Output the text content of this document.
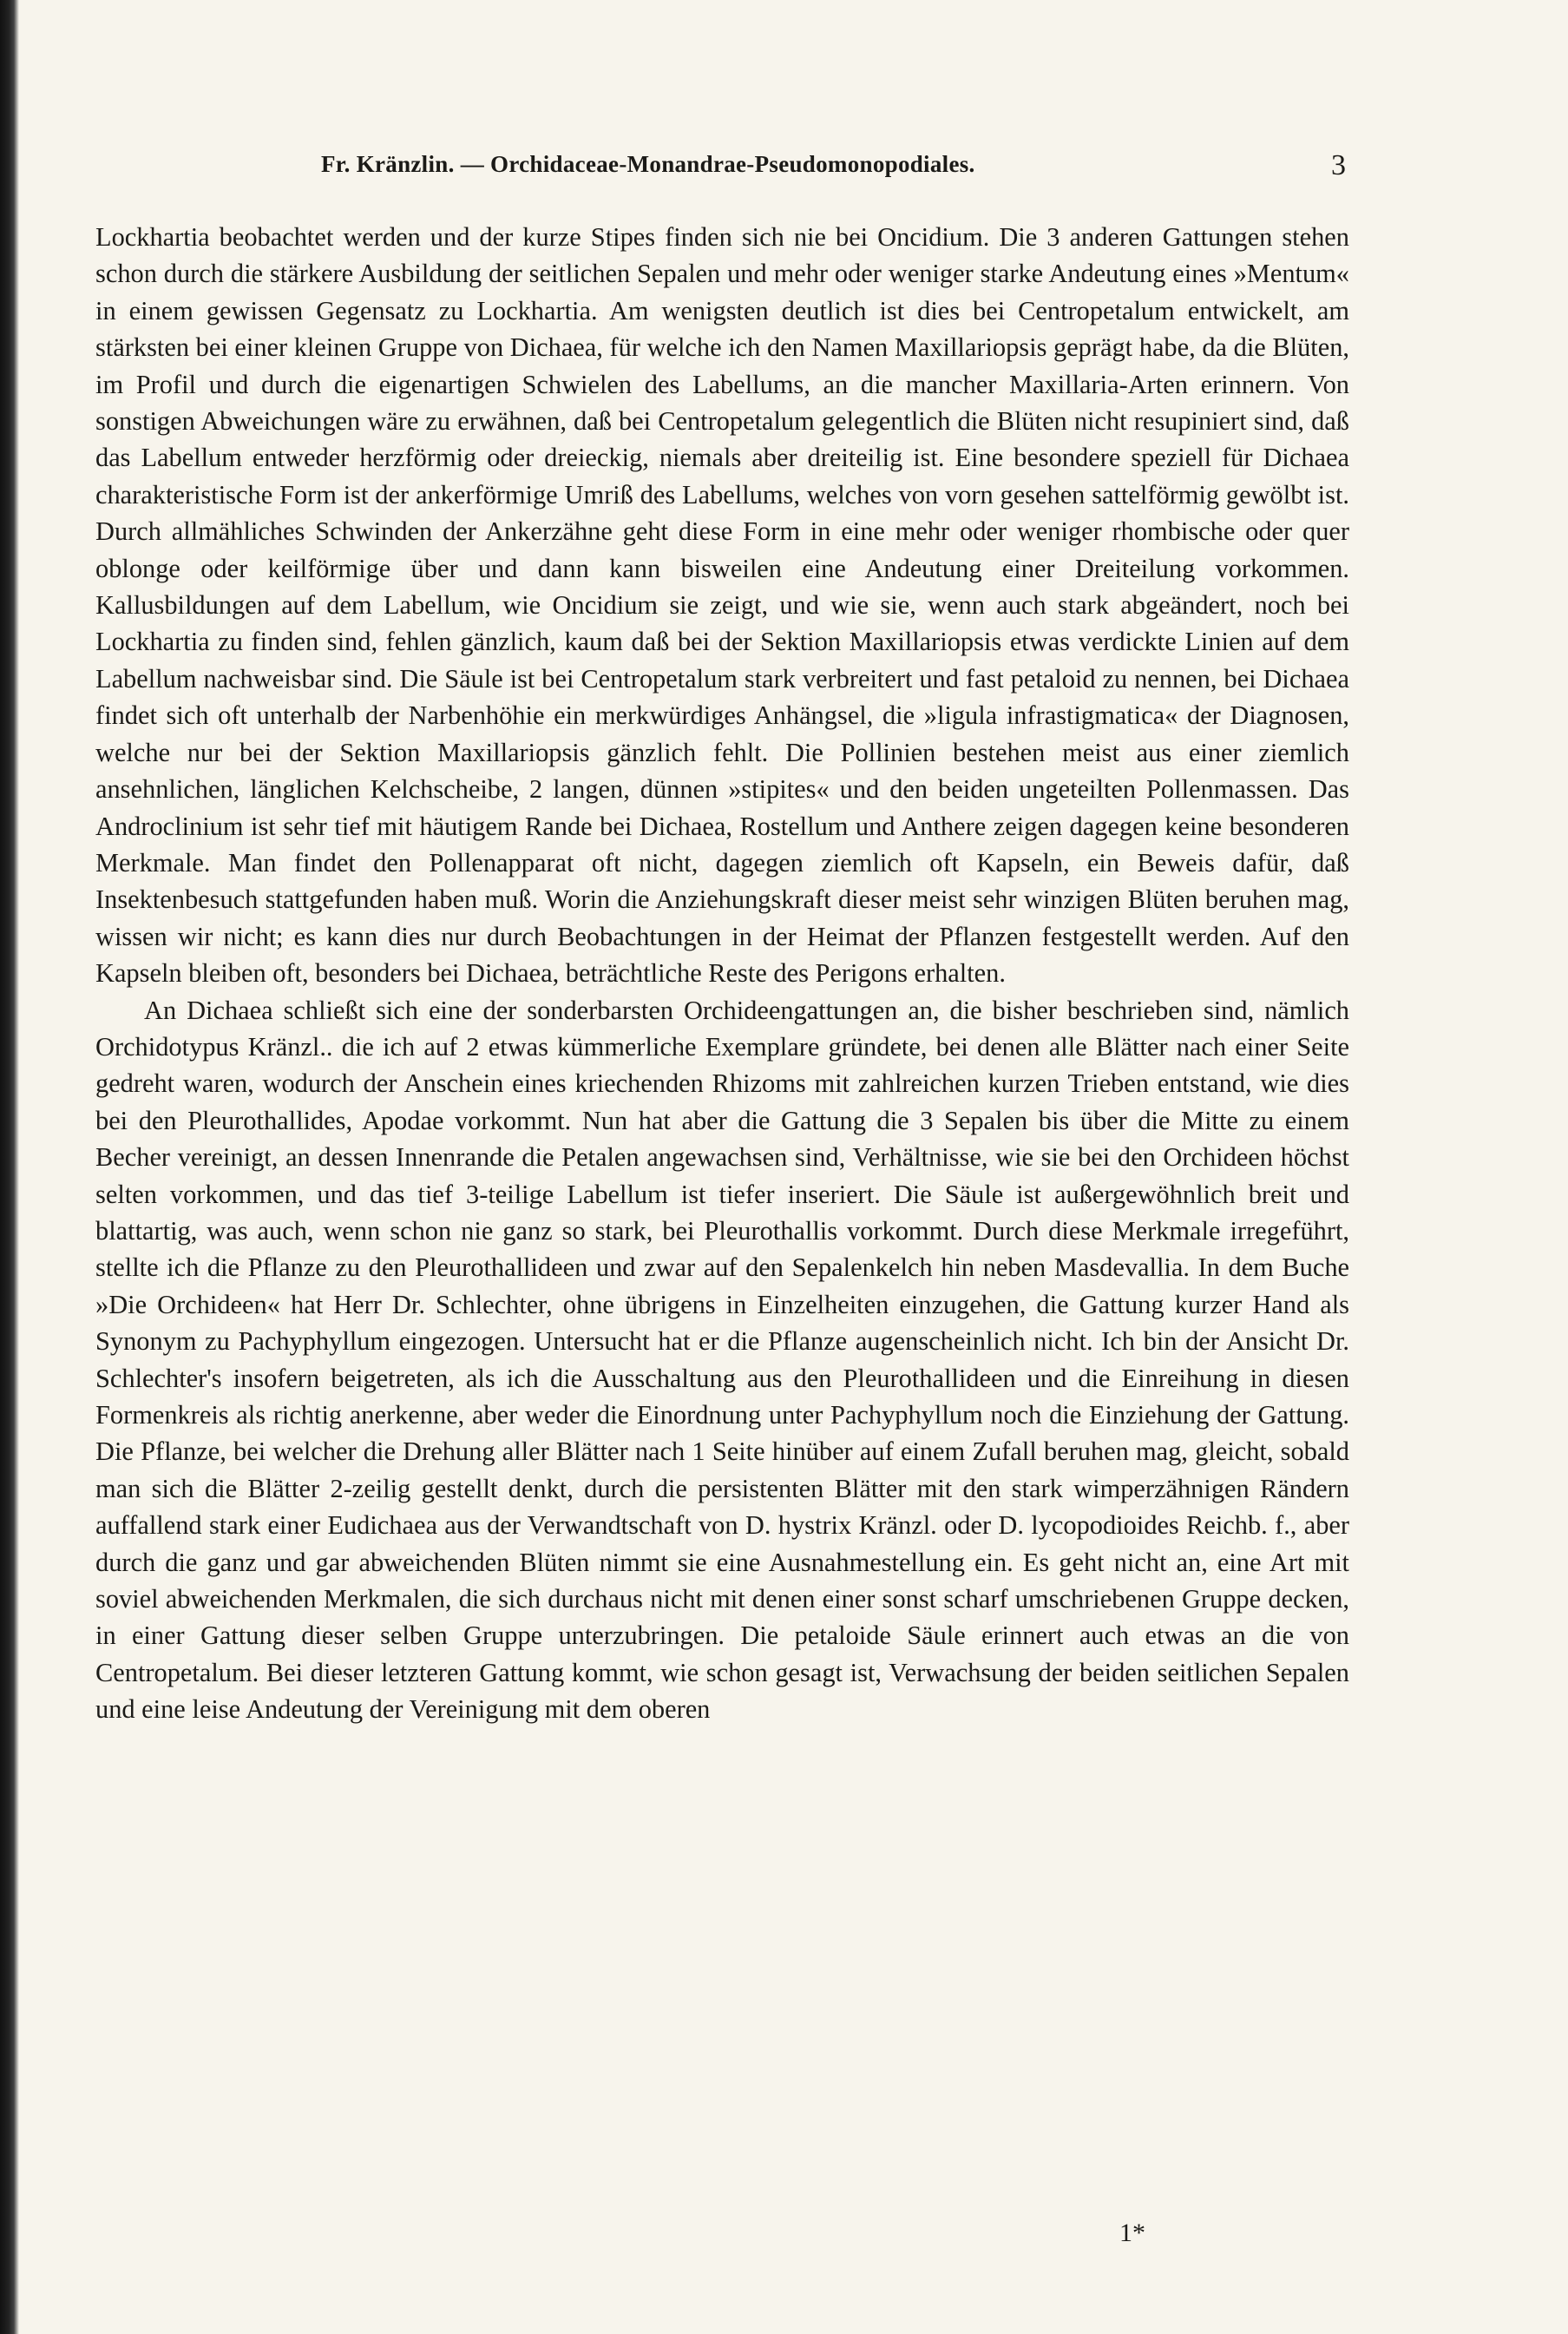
Fr. Kränzlin. — Orchidaceae-Monandrae-Pseudomonopodiales.	3

Lockhartia beobachtet werden und der kurze Stipes finden sich nie bei Oncidium. Die 3 anderen Gattungen stehen schon durch die stärkere Ausbildung der seitlichen Sepalen und mehr oder weniger starke Andeutung eines »Mentum« in einem gewissen Gegensatz zu Lockhartia. Am wenigsten deutlich ist dies bei Centropetalum entwickelt, am stärksten bei einer kleinen Gruppe von Dichaea, für welche ich den Namen Maxillariopsis geprägt habe, da die Blüten, im Profil und durch die eigenartigen Schwielen des Labellums, an die mancher Maxillaria-Arten erinnern. Von sonstigen Abweichungen wäre zu erwähnen, daß bei Centropetalum gelegentlich die Blüten nicht resupiniert sind, daß das Labellum entweder herzförmig oder dreieckig, niemals aber dreiteilig ist. Eine besondere speziell für Dichaea charakteristische Form ist der ankerförmige Umriß des Labellums, welches von vorn gesehen sattelförmig gewölbt ist. Durch allmähliches Schwinden der Ankerzähne geht diese Form in eine mehr oder weniger rhombische oder quer oblonge oder keilförmige über und dann kann bisweilen eine Andeutung einer Dreiteilung vorkommen. Kallusbildungen auf dem Labellum, wie Oncidium sie zeigt, und wie sie, wenn auch stark abgeändert, noch bei Lockhartia zu finden sind, fehlen gänzlich, kaum daß bei der Sektion Maxillariopsis etwas verdickte Linien auf dem Labellum nachweisbar sind. Die Säule ist bei Centropetalum stark verbreitert und fast petaloid zu nennen, bei Dichaea findet sich oft unterhalb der Narbenhöhie ein merkwürdiges Anhängsel, die »ligula infrastigmatica« der Diagnosen, welche nur bei der Sektion Maxillariopsis gänzlich fehlt. Die Pollinien bestehen meist aus einer ziemlich ansehnlichen, länglichen Kelchscheibe, 2 langen, dünnen »stipites« und den beiden ungeteilten Pollenmassen. Das Androclinium ist sehr tief mit häutigem Rande bei Dichaea, Rostellum und Anthere zeigen dagegen keine besonderen Merkmale. Man findet den Pollenapparat oft nicht, dagegen ziemlich oft Kapseln, ein Beweis dafür, daß Insektenbesuch stattgefunden haben muß. Worin die Anziehungskraft dieser meist sehr winzigen Blüten beruhen mag, wissen wir nicht; es kann dies nur durch Beobachtungen in der Heimat der Pflanzen festgestellt werden. Auf den Kapseln bleiben oft, besonders bei Dichaea, beträchtliche Reste des Perigons erhalten.

An Dichaea schließt sich eine der sonderbarsten Orchideengattungen an, die bisher beschrieben sind, nämlich Orchidotypus Kränzl.. die ich auf 2 etwas kümmerliche Exemplare gründete, bei denen alle Blätter nach einer Seite gedreht waren, wodurch der Anschein eines kriechenden Rhizoms mit zahlreichen kurzen Trieben entstand, wie dies bei den Pleurothallides, Apodae vorkommt. Nun hat aber die Gattung die 3 Sepalen bis über die Mitte zu einem Becher vereinigt, an dessen Innenrande die Petalen angewachsen sind, Verhältnisse, wie sie bei den Orchideen höchst selten vorkommen, und das tief 3-teilige Labellum ist tiefer inseriert. Die Säule ist außergewöhnlich breit und blattartig, was auch, wenn schon nie ganz so stark, bei Pleurothallis vorkommt. Durch diese Merkmale irregeführt, stellte ich die Pflanze zu den Pleurothallideen und zwar auf den Sepalenkelch hin neben Masdevallia. In dem Buche »Die Orchideen« hat Herr Dr. Schlechter, ohne übrigens in Einzelheiten einzugehen, die Gattung kurzer Hand als Synonym zu Pachyphyllum eingezogen. Untersucht hat er die Pflanze augenscheinlich nicht. Ich bin der Ansicht Dr. Schlechter's insofern beigetreten, als ich die Ausschaltung aus den Pleurothallideen und die Einreihung in diesen Formenkreis als richtig anerkenne, aber weder die Einordnung unter Pachyphyllum noch die Einziehung der Gattung. Die Pflanze, bei welcher die Drehung aller Blätter nach 1 Seite hinüber auf einem Zufall beruhen mag, gleicht, sobald man sich die Blätter 2-zeilig gestellt denkt, durch die persistenten Blätter mit den stark wimperzähnigen Rändern auffallend stark einer Eudichaea aus der Verwandtschaft von D. hystrix Kränzl. oder D. lycopodioides Reichb. f., aber durch die ganz und gar abweichenden Blüten nimmt sie eine Ausnahmestellung ein. Es geht nicht an, eine Art mit soviel abweichenden Merkmalen, die sich durchaus nicht mit denen einer sonst scharf umschriebenen Gruppe decken, in einer Gattung dieser selben Gruppe unterzubringen. Die petaloide Säule erinnert auch etwas an die von Centropetalum. Bei dieser letzteren Gattung kommt, wie schon gesagt ist, Verwachsung der beiden seitlichen Sepalen und eine leise Andeutung der Vereinigung mit dem oberen

1*
